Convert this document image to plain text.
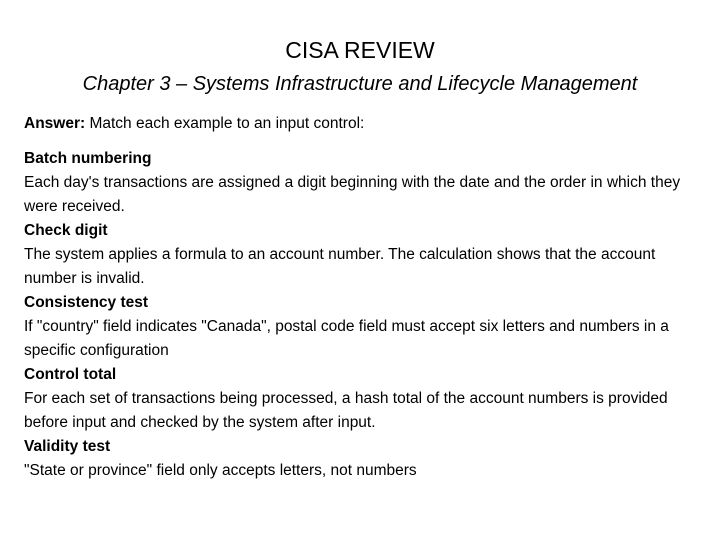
CISA REVIEW
Chapter 3 – Systems Infrastructure and Lifecycle Management

Answer: Match each example to an input control:

Batch numbering

Each day's transactions are assigned a digit beginning with the date and the order in which they were received.

Check digit

The system applies a formula to an account number. The calculation shows that the account number is invalid.

Consistency test

If "country" field indicates "Canada", postal code field must accept six letters and numbers in a specific configuration

Control total

For each set of transactions being processed, a hash total of the account numbers is provided before input and checked by the system after input.

Validity test

"State or province" field only accepts letters, not numbers
